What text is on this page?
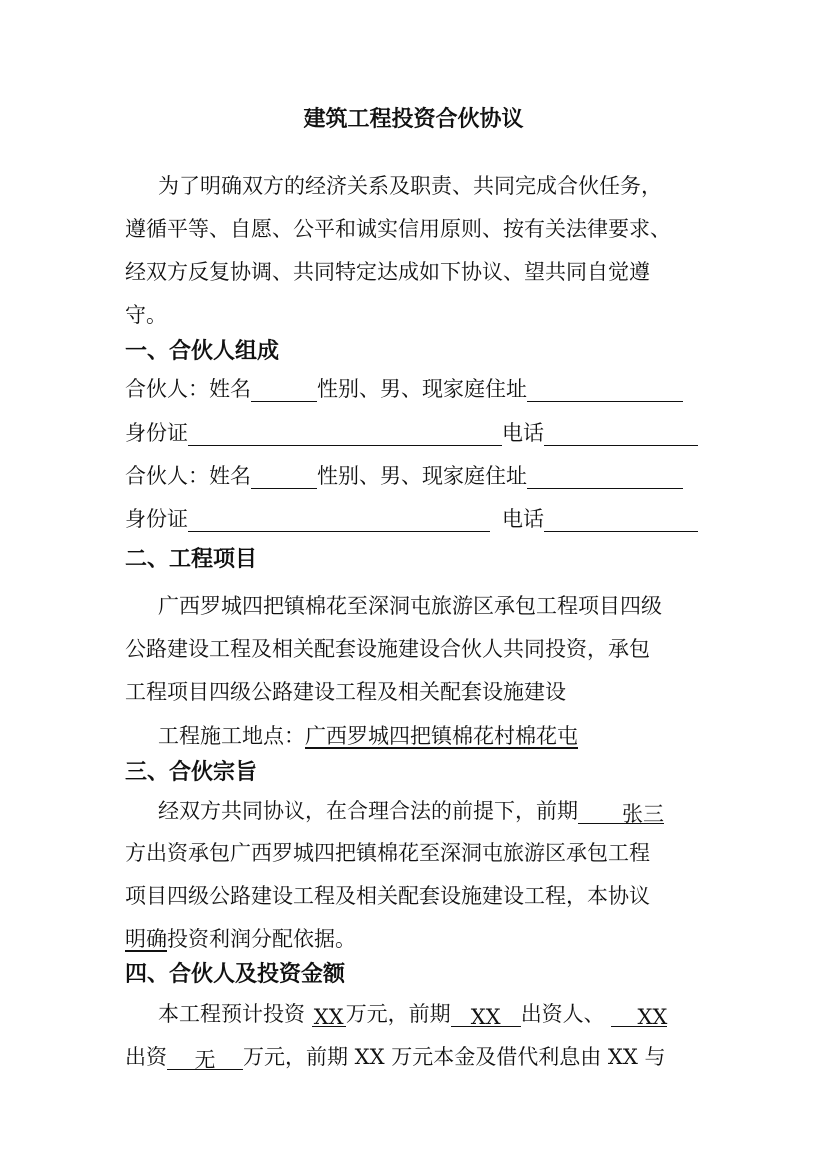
建筑工程投资合伙协议
为了明确双方的经济关系及职责、共同完成合伙任务，
遵循平等、自愿、公平和诚实信用原则、按有关法律要求、
经双方反复协调、共同特定达成如下协议、望共同自觉遵
守。
一、合伙人组成
合伙人：姓名	性别、男、现家庭住址
身份证	电话
合伙人：姓名	性别、男、现家庭住址
身份证	电话
二、工程项目
广西罗城四把镇棉花至深洞屯旅游区承包工程项目四级
公路建设工程及相关配套设施建设合伙人共同投资，承包
工程项目四级公路建设工程及相关配套设施建设
工程施工地点：广西罗城四把镇棉花村棉花屯
三、合伙宗旨
经双方共同协议，在合理合法的前提下，前期 张三
方出资承包广西罗城四把镇棉花至深洞屯旅游区承包工程
项目四级公路建设工程及相关配套设施建设工程，本协议
明确投资利润分配依据。
四、合伙人及投资金额
本工程预计投资 XX万元，前期 XX 出资人、 XX
出资 无 万元，前期 XX 万元本金及借代利息由 XX 与
